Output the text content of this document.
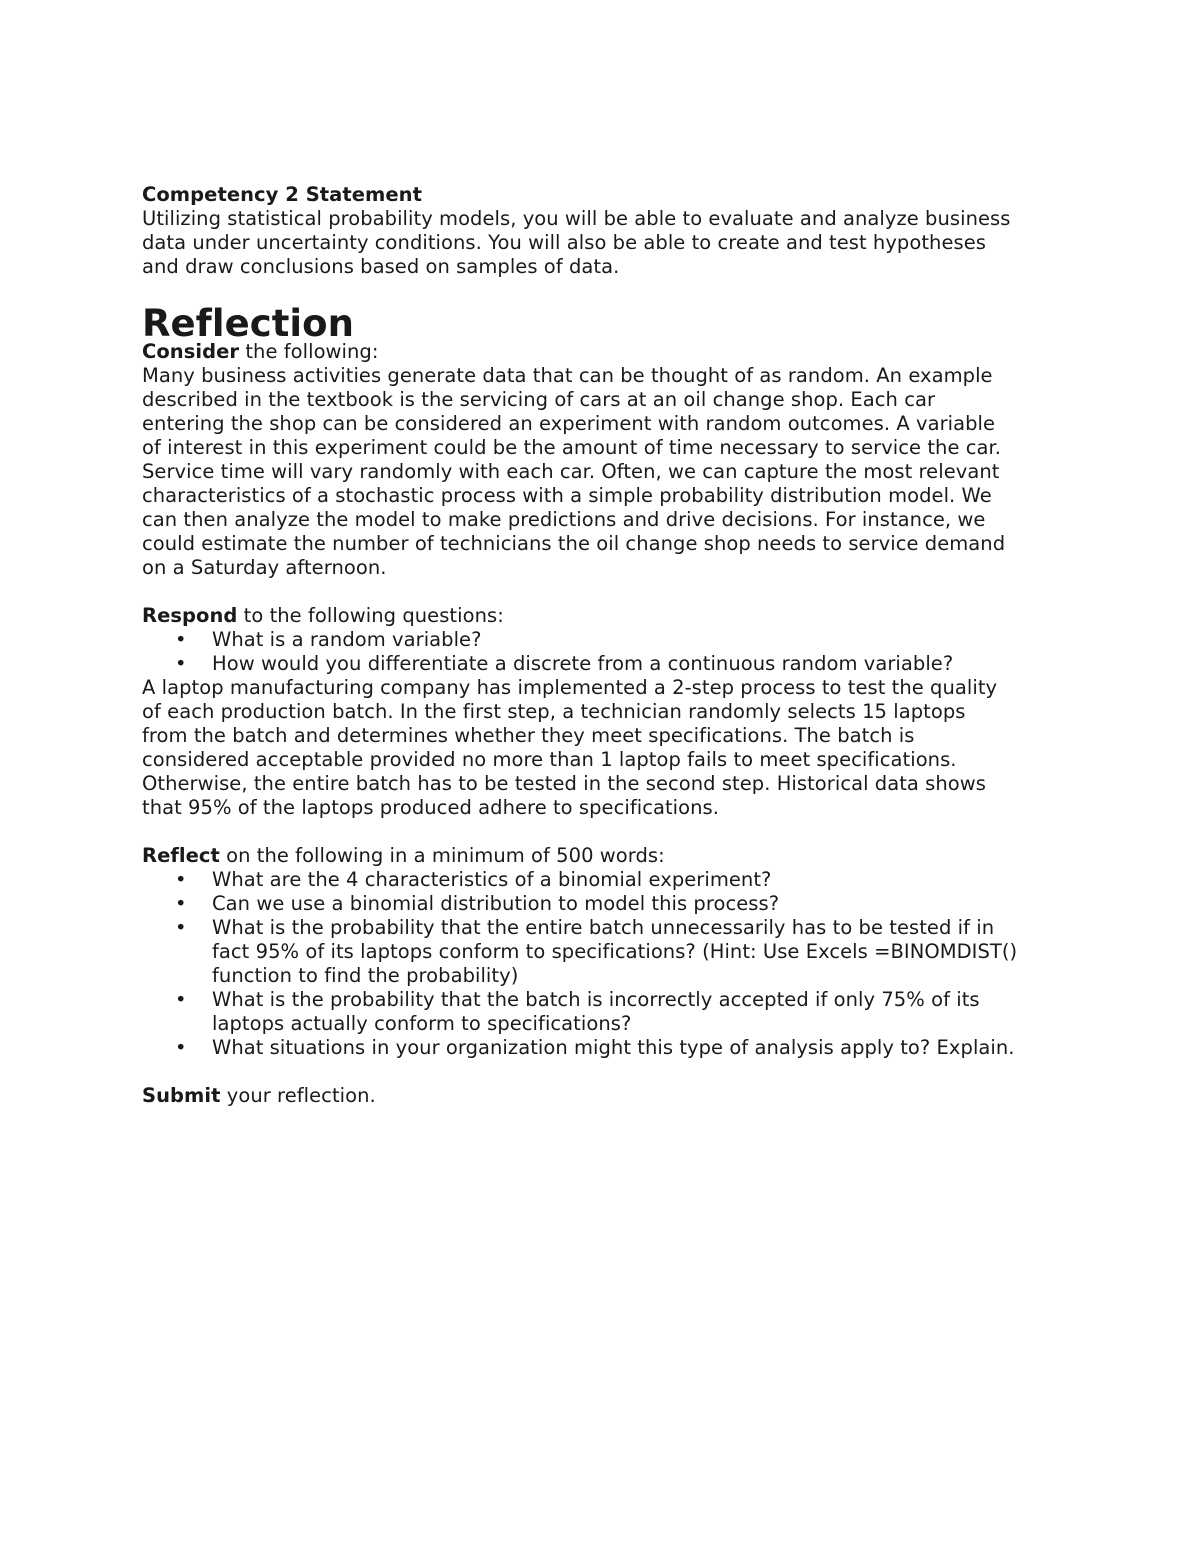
Competency 2 Statement

Utilizing statistical probability models, you will be able to evaluate and analyze business
data under uncertainty conditions. You will also be able to create and test hypotheses
and draw conclusions based on samples of data.
Reflection

Consider the following:

Many business activities generate data that can be thought of as random. An example
described in the textbook is the servicing of cars at an oil change shop. Each car
entering the shop can be considered an experiment with random outcomes. A variable
of interest in this experiment could be the amount of time necessary to service the car.
Service time will vary randomly with each car. Often, we can capture the most relevant
characteristics of a stochastic process with a simple probability distribution model. We
can then analyze the model to make predictions and drive decisions. For instance, we
could estimate the number of technicians the oil change shop needs to service demand
on a Saturday afternoon.

Respond to the following questions:

• What is a random variable?
• How would you differentiate a discrete from a continuous random variable?
A laptop manufacturing company has implemented a 2-step process to test the quality
of each production batch. In the first step, a technician randomly selects 15 laptops
from the batch and determines whether they meet specifications. The batch is
considered acceptable provided no more than 1 laptop fails to meet specifications.
Otherwise, the entire batch has to be tested in the second step. Historical data shows
that 95% of the laptops produced adhere to specifications.

Reflect on the following in a minimum of 500 words:

• What are the 4 characteristics of a binomial experiment?
• Can we use a binomial distribution to model this process?
• What is the probability that the entire batch unnecessarily has to be tested if in
fact 95% of its laptops conform to specifications? (Hint: Use Excels =BINOMDIST()
function to find the probability)
• What is the probability that the batch is incorrectly accepted if only 75% of its
laptops actually conform to specifications?
• What situations in your organization might this type of analysis apply to? Explain.

Submit your reflection.
